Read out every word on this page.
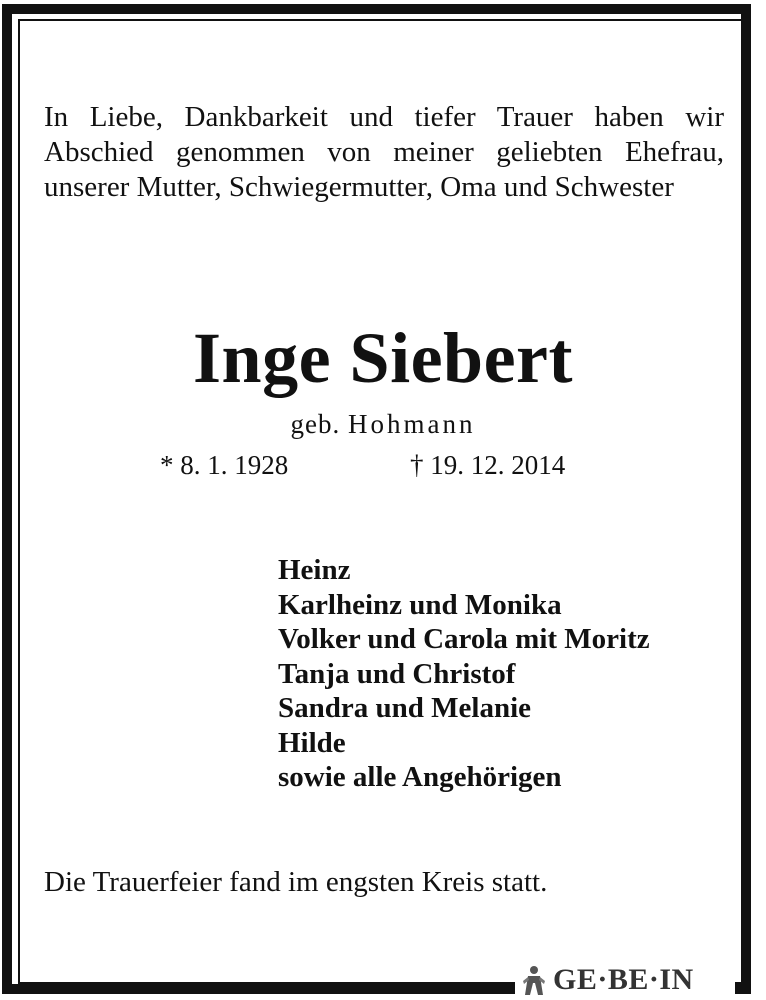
In Liebe, Dankbarkeit und tiefer Trauer haben wir Abschied genommen von meiner geliebten Ehefrau, unserer Mutter, Schwiegermutter, Oma und Schwester

Inge Siebert
geb. Hohmann
* 8. 1. 1928	† 19. 12. 2014
Heinz
Karlheinz und Monika
Volker und Carola mit Moritz
Tanja und Christof
Sandra und Melanie
Hilde
sowie alle Angehörigen
Die Trauerfeier fand im engsten Kreis statt.
GE·BE·IN
